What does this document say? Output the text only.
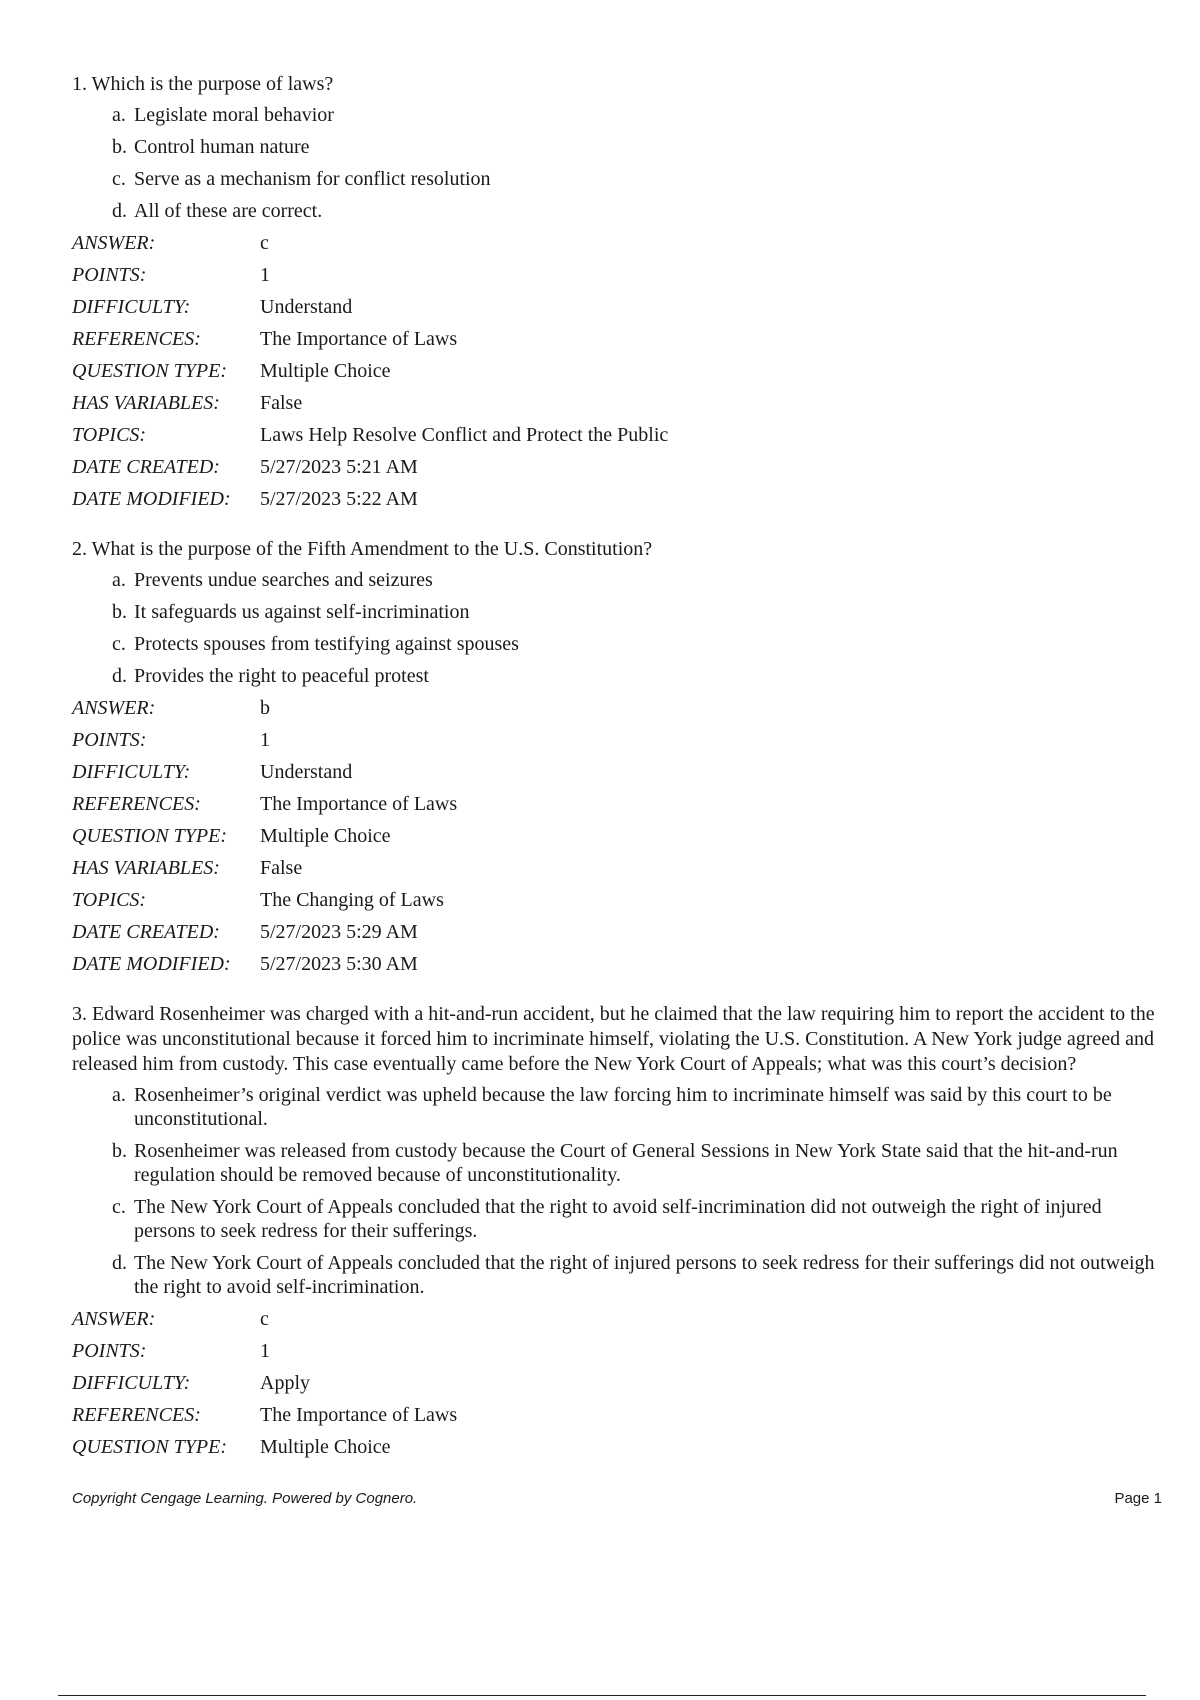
1. Which is the purpose of laws?
a. Legislate moral behavior
b. Control human nature
c. Serve as a mechanism for conflict resolution
d. All of these are correct.
ANSWER:	c
POINTS:	1
DIFFICULTY:	Understand
REFERENCES:	The Importance of Laws
QUESTION TYPE:	Multiple Choice
HAS VARIABLES:	False
TOPICS:	Laws Help Resolve Conflict and Protect the Public
DATE CREATED:	5/27/2023 5:21 AM
DATE MODIFIED:	5/27/2023 5:22 AM
2. What is the purpose of the Fifth Amendment to the U.S. Constitution?
a. Prevents undue searches and seizures
b. It safeguards us against self-incrimination
c. Protects spouses from testifying against spouses
d. Provides the right to peaceful protest
ANSWER:	b
POINTS:	1
DIFFICULTY:	Understand
REFERENCES:	The Importance of Laws
QUESTION TYPE:	Multiple Choice
HAS VARIABLES:	False
TOPICS:	The Changing of Laws
DATE CREATED:	5/27/2023 5:29 AM
DATE MODIFIED:	5/27/2023 5:30 AM
3. Edward Rosenheimer was charged with a hit-and-run accident, but he claimed that the law requiring him to report the accident to the police was unconstitutional because it forced him to incriminate himself, violating the U.S. Constitution. A New York judge agreed and released him from custody. This case eventually came before the New York Court of Appeals; what was this court’s decision?
a. Rosenheimer’s original verdict was upheld because the law forcing him to incriminate himself was said by this court to be unconstitutional.
b. Rosenheimer was released from custody because the Court of General Sessions in New York State said that the hit-and-run regulation should be removed because of unconstitutionality.
c. The New York Court of Appeals concluded that the right to avoid self-incrimination did not outweigh the right of injured persons to seek redress for their sufferings.
d. The New York Court of Appeals concluded that the right of injured persons to seek redress for their sufferings did not outweigh the right to avoid self-incrimination.
ANSWER:	c
POINTS:	1
DIFFICULTY:	Apply
REFERENCES:	The Importance of Laws
QUESTION TYPE:	Multiple Choice
Copyright Cengage Learning. Powered by Cognero.	Page 1
